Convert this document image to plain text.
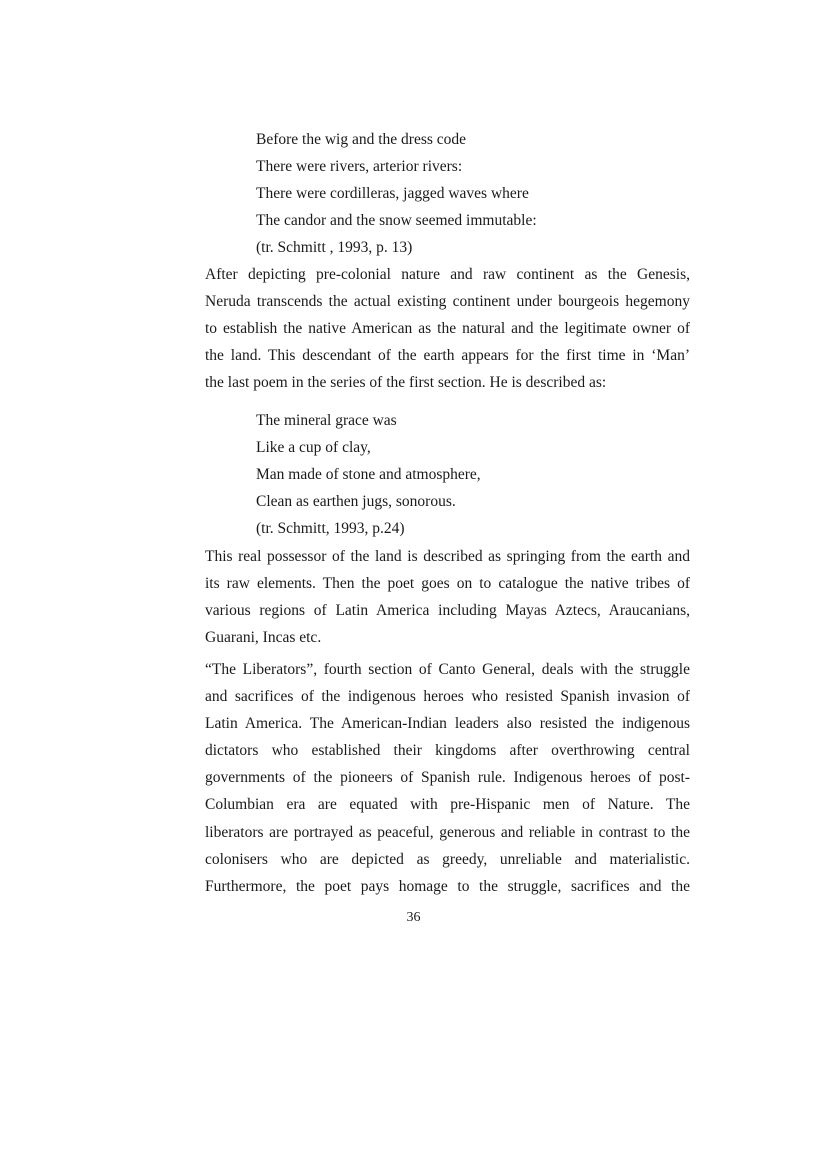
Before the wig and the dress code
There were rivers, arterior rivers:
There were cordilleras, jagged waves where
The candor and the snow seemed immutable:
(tr. Schmitt , 1993, p. 13)
After depicting pre-colonial nature and raw continent as the Genesis,
Neruda transcends the actual existing continent under bourgeois hegemony
to establish the native American as the natural and the legitimate owner of
the land. This descendant of the earth appears for the first time in ‘Man’
the last poem in the series of the first section. He is described as:
The mineral grace was
Like a cup of clay,
Man made of stone and atmosphere,
Clean as earthen jugs, sonorous.
(tr. Schmitt, 1993, p.24)
This real possessor of the land is described as springing from the earth and
its raw elements. Then the poet goes on to catalogue the native tribes of
various regions of Latin America including Mayas Aztecs, Araucanians,
Guarani, Incas etc.
“The Liberators”, fourth section of Canto General, deals with the struggle
and sacrifices of the indigenous heroes who resisted Spanish invasion of
Latin America. The American-Indian leaders also resisted the indigenous
dictators who established their kingdoms after overthrowing central
governments of the pioneers of Spanish rule. Indigenous heroes of post-
Columbian era are equated with pre-Hispanic men of Nature. The
liberators are portrayed as peaceful, generous and reliable in contrast to the
colonisers who are depicted as greedy, unreliable and materialistic.
Furthermore, the poet pays homage to the struggle, sacrifices and the
36
